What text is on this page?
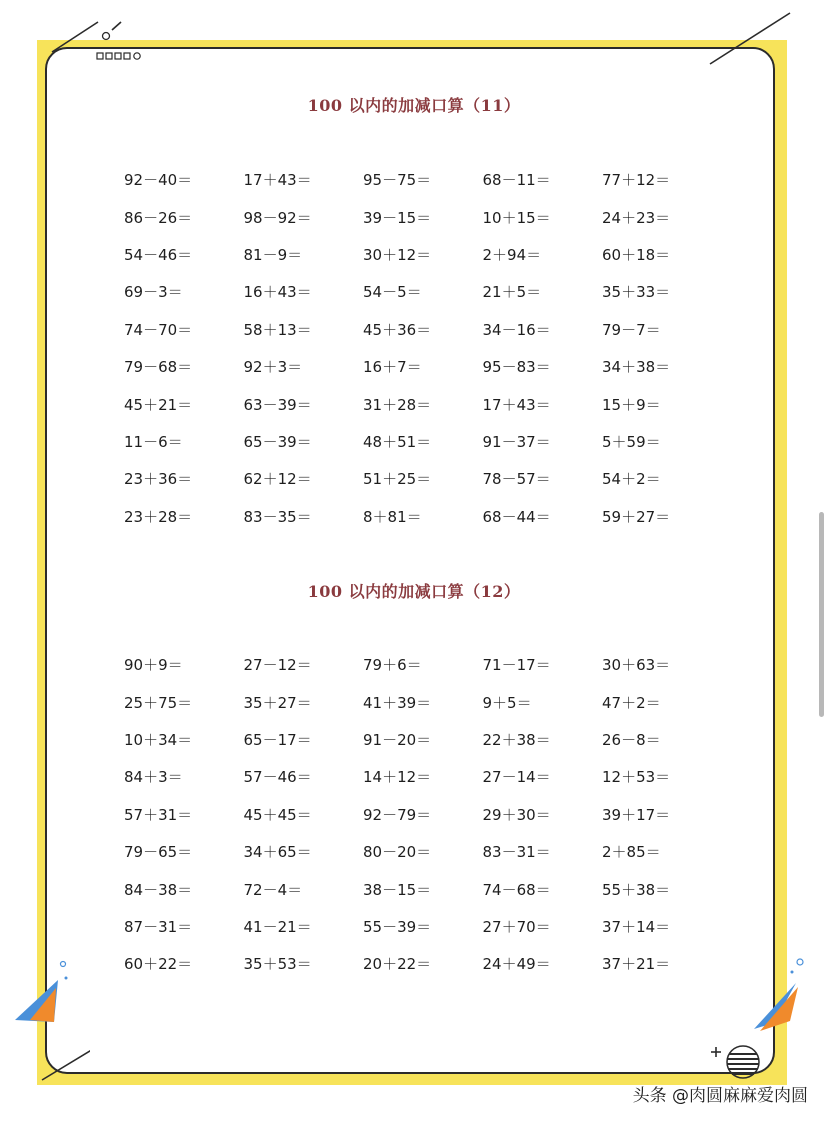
100 以内的加减口算（11）
92－40＝	17＋43＝	95－75＝	68－11＝	77＋12＝
86－26＝	98－92＝	39－15＝	10＋15＝	24＋23＝
54－46＝	81－9＝	30＋12＝	2＋94＝	60＋18＝
69－3＝	16＋43＝	54－5＝	21＋5＝	35＋33＝
74－70＝	58＋13＝	45＋36＝	34－16＝	79－7＝
79－68＝	92＋3＝	16＋7＝	95－83＝	34＋38＝
45＋21＝	63－39＝	31＋28＝	17＋43＝	15＋9＝
11－6＝	65－39＝	48＋51＝	91－37＝	5＋59＝
23＋36＝	62＋12＝	51＋25＝	78－57＝	54＋2＝
23＋28＝	83－35＝	8＋81＝	68－44＝	59＋27＝
100 以内的加减口算（12）
90＋9＝	27－12＝	79＋6＝	71－17＝	30＋63＝
25＋75＝	35＋27＝	41＋39＝	9＋5＝	47＋2＝
10＋34＝	65－17＝	91－20＝	22＋38＝	26－8＝
84＋3＝	57－46＝	14＋12＝	27－14＝	12＋53＝
57＋31＝	45＋45＝	92－79＝	29＋30＝	39＋17＝
79－65＝	34＋65＝	80－20＝	83－31＝	2＋85＝
84－38＝	72－4＝	38－15＝	74－68＝	55＋38＝
87－31＝	41－21＝	55－39＝	27＋70＝	37＋14＝
60＋22＝	35＋53＝	20＋22＝	24＋49＝	37＋21＝
头条 @肉圆麻麻爱肉圆
